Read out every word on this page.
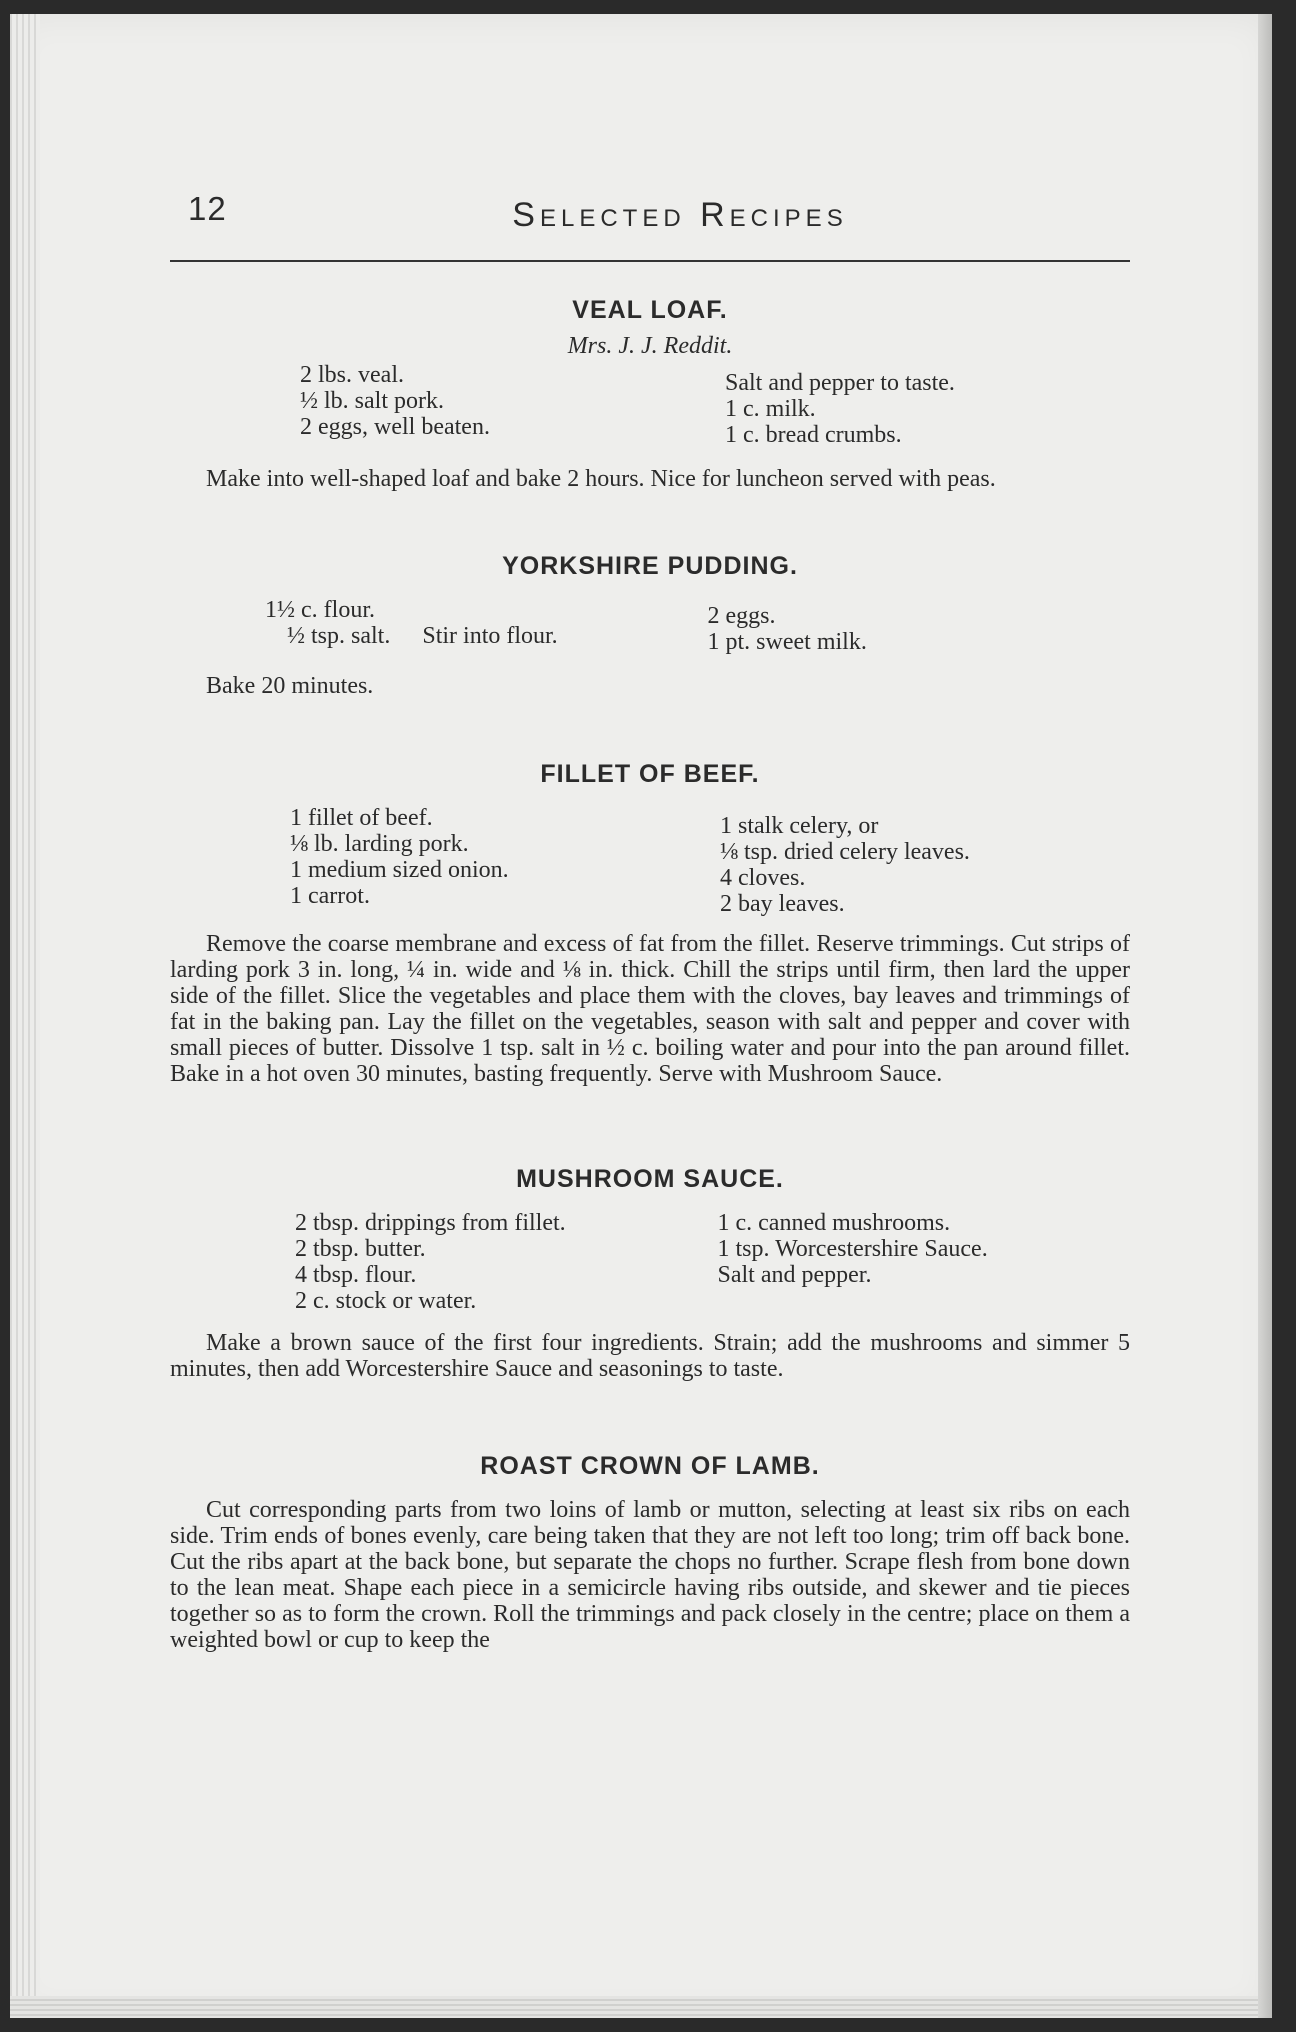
12	Selected Recipes
VEAL LOAF.
Mrs. J. J. Reddit.
2 lbs. veal.
½ lb. salt pork.
2 eggs, well beaten.
Salt and pepper to taste.
1 c. milk.
1 c. bread crumbs.

Make into well-shaped loaf and bake 2 hours. Nice for luncheon served with peas.

YORKSHIRE PUDDING.
1½ c. flour.
½ tsp. salt. Stir into flour.
2 eggs.
1 pt. sweet milk.
Bake 20 minutes.
FILLET OF BEEF.
1 fillet of beef.
⅛ lb. larding pork.
1 medium sized onion.
1 carrot.
1 stalk celery, or
⅛ tsp. dried celery leaves.
4 cloves.
2 bay leaves.

Remove the coarse membrane and excess of fat from the fillet. Reserve trimmings. Cut strips of larding pork 3 in. long, ¼ in. wide and ⅛ in. thick. Chill the strips until firm, then lard the upper side of the fillet. Slice the vegetables and place them with the cloves, bay leaves and trimmings of fat in the baking pan. Lay the fillet on the vegetables, season with salt and pepper and cover with small pieces of butter. Dissolve 1 tsp. salt in ½ c. boiling water and pour into the pan around fillet. Bake in a hot oven 30 minutes, basting frequently. Serve with Mushroom Sauce.

MUSHROOM SAUCE.
2 tbsp. drippings from fillet.
2 tbsp. butter.
4 tbsp. flour.
2 c. stock or water.
1 c. canned mushrooms.
1 tsp. Worcestershire Sauce.
Salt and pepper.

Make a brown sauce of the first four ingredients. Strain; add the mushrooms and simmer 5 minutes, then add Worcestershire Sauce and seasonings to taste.

ROAST CROWN OF LAMB.

Cut corresponding parts from two loins of lamb or mutton, selecting at least six ribs on each side. Trim ends of bones evenly, care being taken that they are not left too long; trim off back bone. Cut the ribs apart at the back bone, but separate the chops no further. Scrape flesh from bone down to the lean meat. Shape each piece in a semicircle having ribs outside, and skewer and tie pieces together so as to form the crown. Roll the trimmings and pack closely in the centre; place on them a weighted bowl or cup to keep the
